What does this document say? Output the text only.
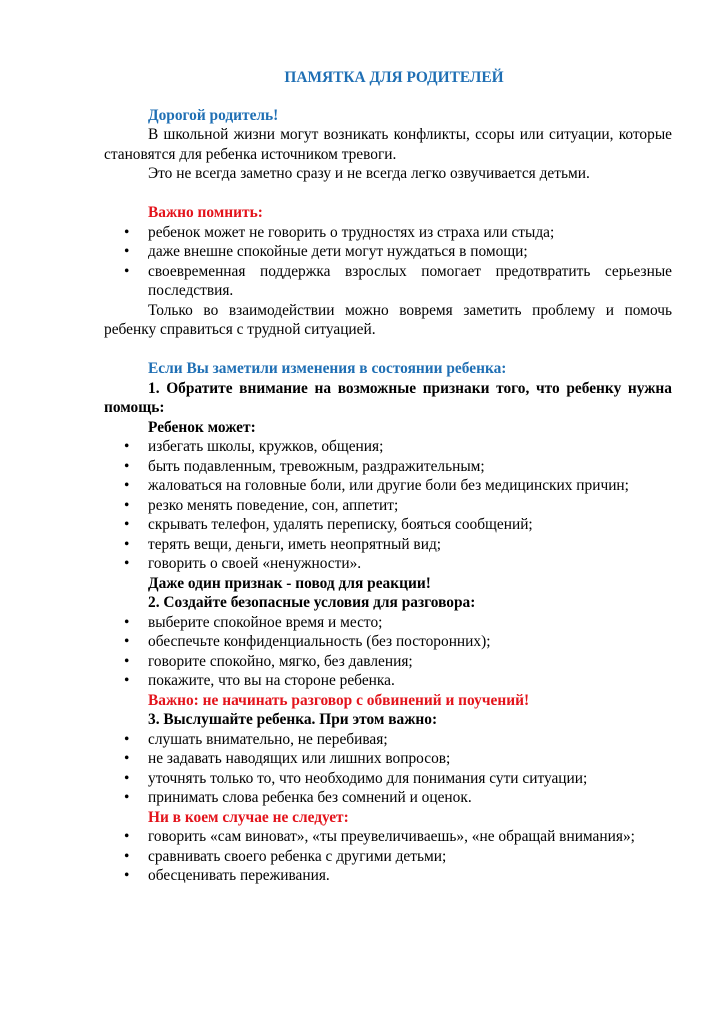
ПАМЯТКА ДЛЯ РОДИТЕЛЕЙ
Дорогой родитель!
В школьной жизни могут возникать конфликты, ссоры или ситуации, которые становятся для ребенка источником тревоги.
Это не всегда заметно сразу и не всегда легко озвучивается детьми.
Важно помнить:
• ребенок может не говорить о трудностях из страха или стыда;
• даже внешне спокойные дети могут нуждаться в помощи;
• своевременная поддержка взрослых помогает предотвратить серьезные последствия.
Только во взаимодействии можно вовремя заметить проблему и помочь ребенку справиться с трудной ситуацией.
Если Вы заметили изменения в состоянии ребенка:
1. Обратите внимание на возможные признаки того, что ребенку нужна помощь:
Ребенок может:
• избегать школы, кружков, общения;
• быть подавленным, тревожным, раздражительным;
• жаловаться на головные боли, или другие боли без медицинских причин;
• резко менять поведение, сон, аппетит;
• скрывать телефон, удалять переписку, бояться сообщений;
• терять вещи, деньги, иметь неопрятный вид;
• говорить о своей «ненужности».
Даже один признак - повод для реакции!
2. Создайте безопасные условия для разговора:
• выберите спокойное время и место;
• обеспечьте конфиденциальность (без посторонних);
• говорите спокойно, мягко, без давления;
• покажите, что вы на стороне ребенка.
Важно: не начинать разговор с обвинений и поучений!
3. Выслушайте ребенка. При этом важно:
• слушать внимательно, не перебивая;
• не задавать наводящих или лишних вопросов;
• уточнять только то, что необходимо для понимания сути ситуации;
• принимать слова ребенка без сомнений и оценок.
Ни в коем случае не следует:
• говорить «сам виноват», «ты преувеличиваешь», «не обращай внимания»;
• сравнивать своего ребенка с другими детьми;
• обесценивать переживания.
